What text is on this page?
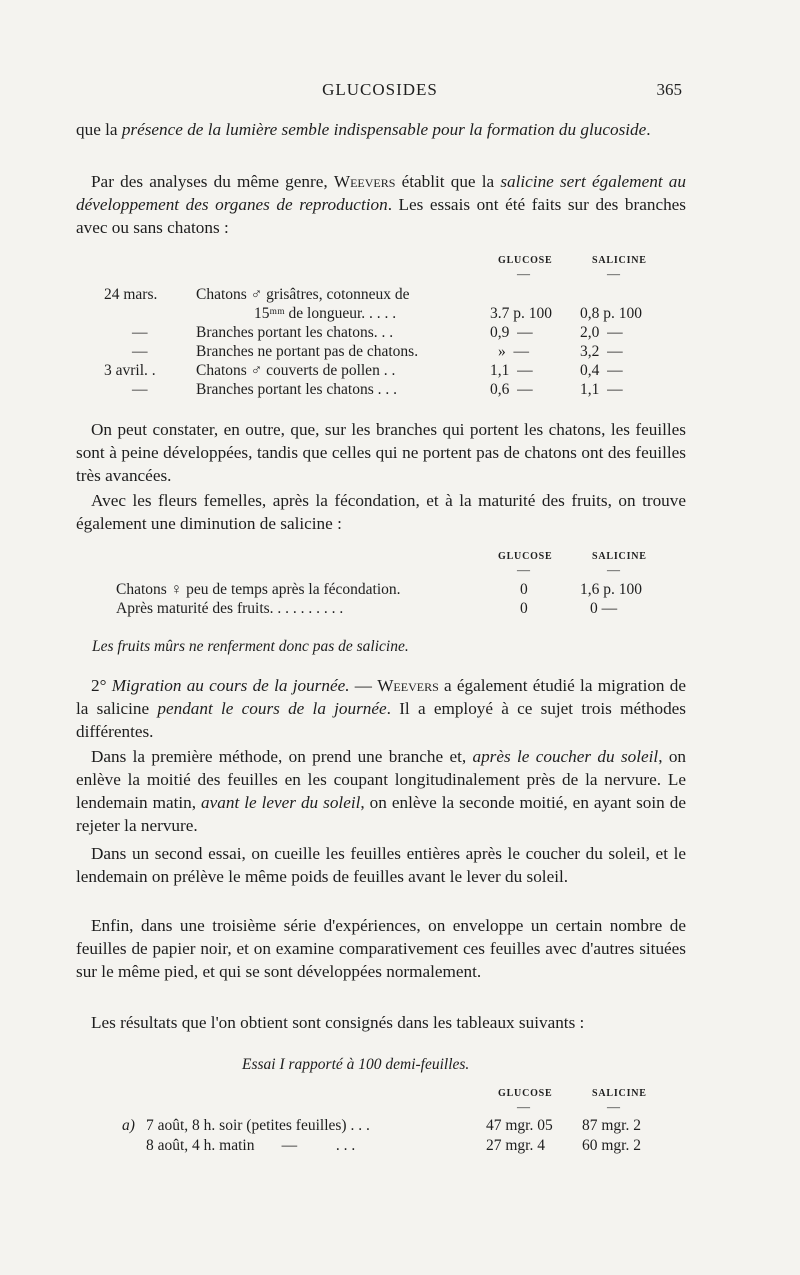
GLUCOSIDES	365

que la présence de la lumière semble indispensable pour la formation du glucoside.

Par des analyses du même genre, Weevers établit que la salicine sert également au développement des organes de reproduction. Les essais ont été faits sur des branches avec ou sans chatons :

GLUCOSE	SALICINE
—	—
24 mars. Chatons ♂ grisâtres, cotonneux de
15ᵐᵐ de longueur. . . . .	3.7 p. 100 0,8 p. 100
—	Branches portant les chatons. . .	0,9  —	2,0  —
—	Branches ne portant pas de chatons.	»  —	3,2  —
3 avril. .	Chatons ♂ couverts de pollen . .	1,1  —	0,4  —
—	Branches portant les chatons . . .	0,6  —	1,1  —

On peut constater, en outre, que, sur les branches qui portent les chatons, les feuilles sont à peine développées, tandis que celles qui ne portent pas de chatons ont des feuilles très avancées.

Avec les fleurs femelles, après la fécondation, et à la maturité des fruits, on trouve également une diminution de salicine :

GLUCOSE	SALICINE
—	—
Chatons ♀ peu de temps après la fécondation.	0	1,6 p. 100
Après maturité des fruits. . . . . . . . . .	0	0 —
Les fruits mûrs ne renferment donc pas de salicine.

2° Migration au cours de la journée. — Weevers a également étudié la migration de la salicine pendant le cours de la journée. Il a employé à ce sujet trois méthodes différentes.

Dans la première méthode, on prend une branche et, après le coucher du soleil, on enlève la moitié des feuilles en les coupant longitudinalement près de la nervure. Le lendemain matin, avant le lever du soleil, on enlève la seconde moitié, en ayant soin de rejeter la nervure.

Dans un second essai, on cueille les feuilles entières après le coucher du soleil, et le lendemain on prélève le même poids de feuilles avant le lever du soleil.

Enfin, dans une troisième série d'expériences, on enveloppe un certain nombre de feuilles de papier noir, et on examine comparativement ces feuilles avec d'autres situées sur le même pied, et qui se sont développées normalement.

Les résultats que l'on obtient sont consignés dans les tableaux suivants :

Essai I rapporté à 100 demi-feuilles.
GLUCOSE	SALICINE
—	—
a) 7 août, 8 h. soir (petites feuilles) . . .	47 mgr. 05 87 mgr. 2
8 août, 4 h. matin       —          . . .	27 mgr. 4 60 mgr. 2
